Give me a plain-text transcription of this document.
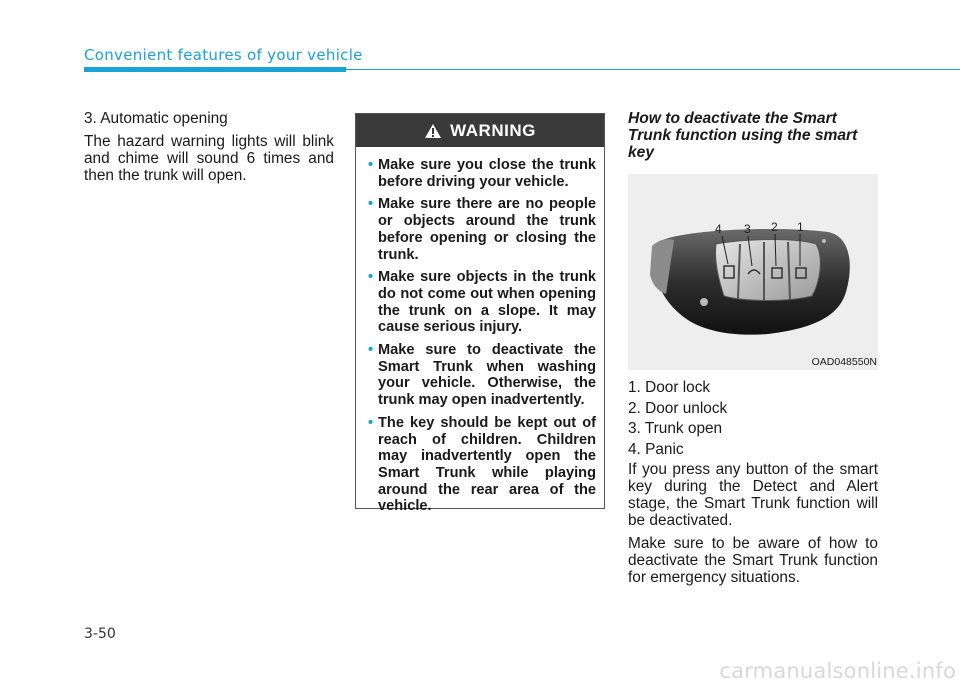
Convenient features of your vehicle

3. Automatic opening

The hazard warning lights will blink and chime will sound 6 times and then the trunk will open.

WARNING
• Make sure you close the trunk before driving your vehicle.
• Make sure there are no people or objects around the trunk before opening or closing the trunk.
• Make sure objects in the trunk do not come out when opening the trunk on a slope. It may cause serious injury.
• Make sure to deactivate the Smart Trunk when washing your vehicle. Otherwise, the trunk may open inadvertently.
• The key should be kept out of reach of children. Children may inadvertently open the Smart Trunk while playing around the rear area of the vehicle.
How to deactivate the Smart Trunk function using the smart key
4 3 2 1
OAD048550N
1. Door lock
2. Door unlock
3. Trunk open
4. Panic

If you press any button of the smart key during the Detect and Alert stage, the Smart Trunk function will be deactivated.

Make sure to be aware of how to deactivate the Smart Trunk function for emergency situations.

3-50
carmanualsonline.info
